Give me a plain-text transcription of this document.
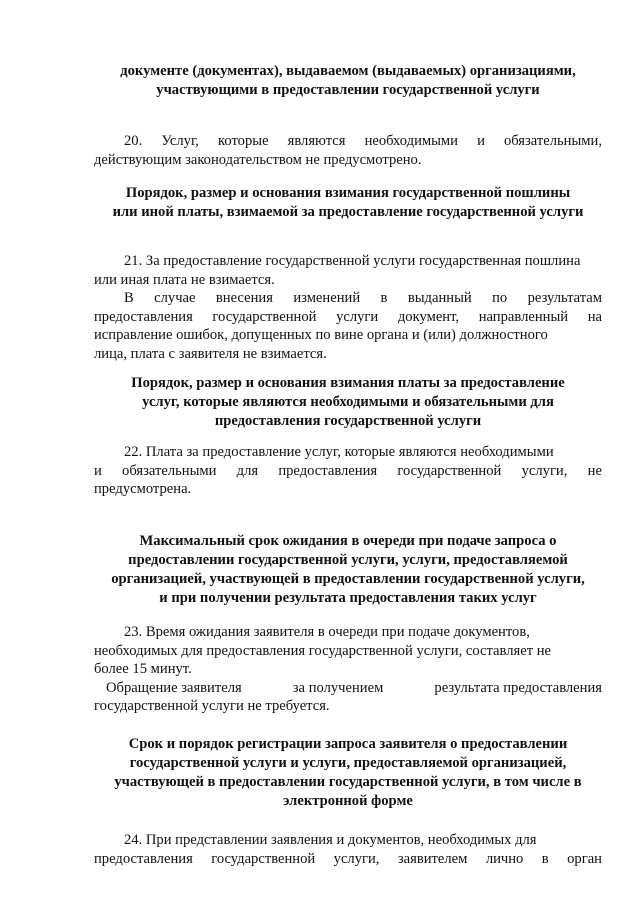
документе (документах), выдаваемом (выдаваемых) организациями,
участвующими в предоставлении государственной услуги
20. Услуг, которые являются необходимыми и обязательными,
действующим законодательством не предусмотрено.
Порядок, размер и основания взимания государственной пошлины
или иной платы, взимаемой за предоставление государственной услуги
21. За предоставление государственной услуги государственная пошлина
или иная плата не взимается.
В случае внесения изменений в выданный по результатам
предоставления государственной услуги документ, направленный на
исправление ошибок, допущенных по вине органа и (или) должностного
лица, плата с заявителя не взимается.
Порядок, размер и основания взимания платы за предоставление
услуг, которые являются необходимыми и обязательными для
предоставления государственной услуги
22. Плата за предоставление услуг, которые являются необходимыми
и обязательными для предоставления государственной услуги, не
предусмотрена.
Максимальный срок ожидания в очереди при подаче запроса о
предоставлении государственной услуги, услуги, предоставляемой
организацией, участвующей в предоставлении государственной услуги,
и при получении результата предоставления таких услуг
23. Время ожидания заявителя в очереди при подаче документов,
необходимых для предоставления государственной услуги, составляет не
более 15 минут.
Обращение заявителя	за получением	результата предоставления
государственной услуги не требуется.
Срок и порядок регистрации запроса заявителя о предоставлении
государственной услуги и услуги, предоставляемой организацией,
участвующей в предоставлении государственной услуги, в том числе в
электронной форме
24. При представлении заявления и документов, необходимых для
предоставления государственной услуги, заявителем лично в орган
